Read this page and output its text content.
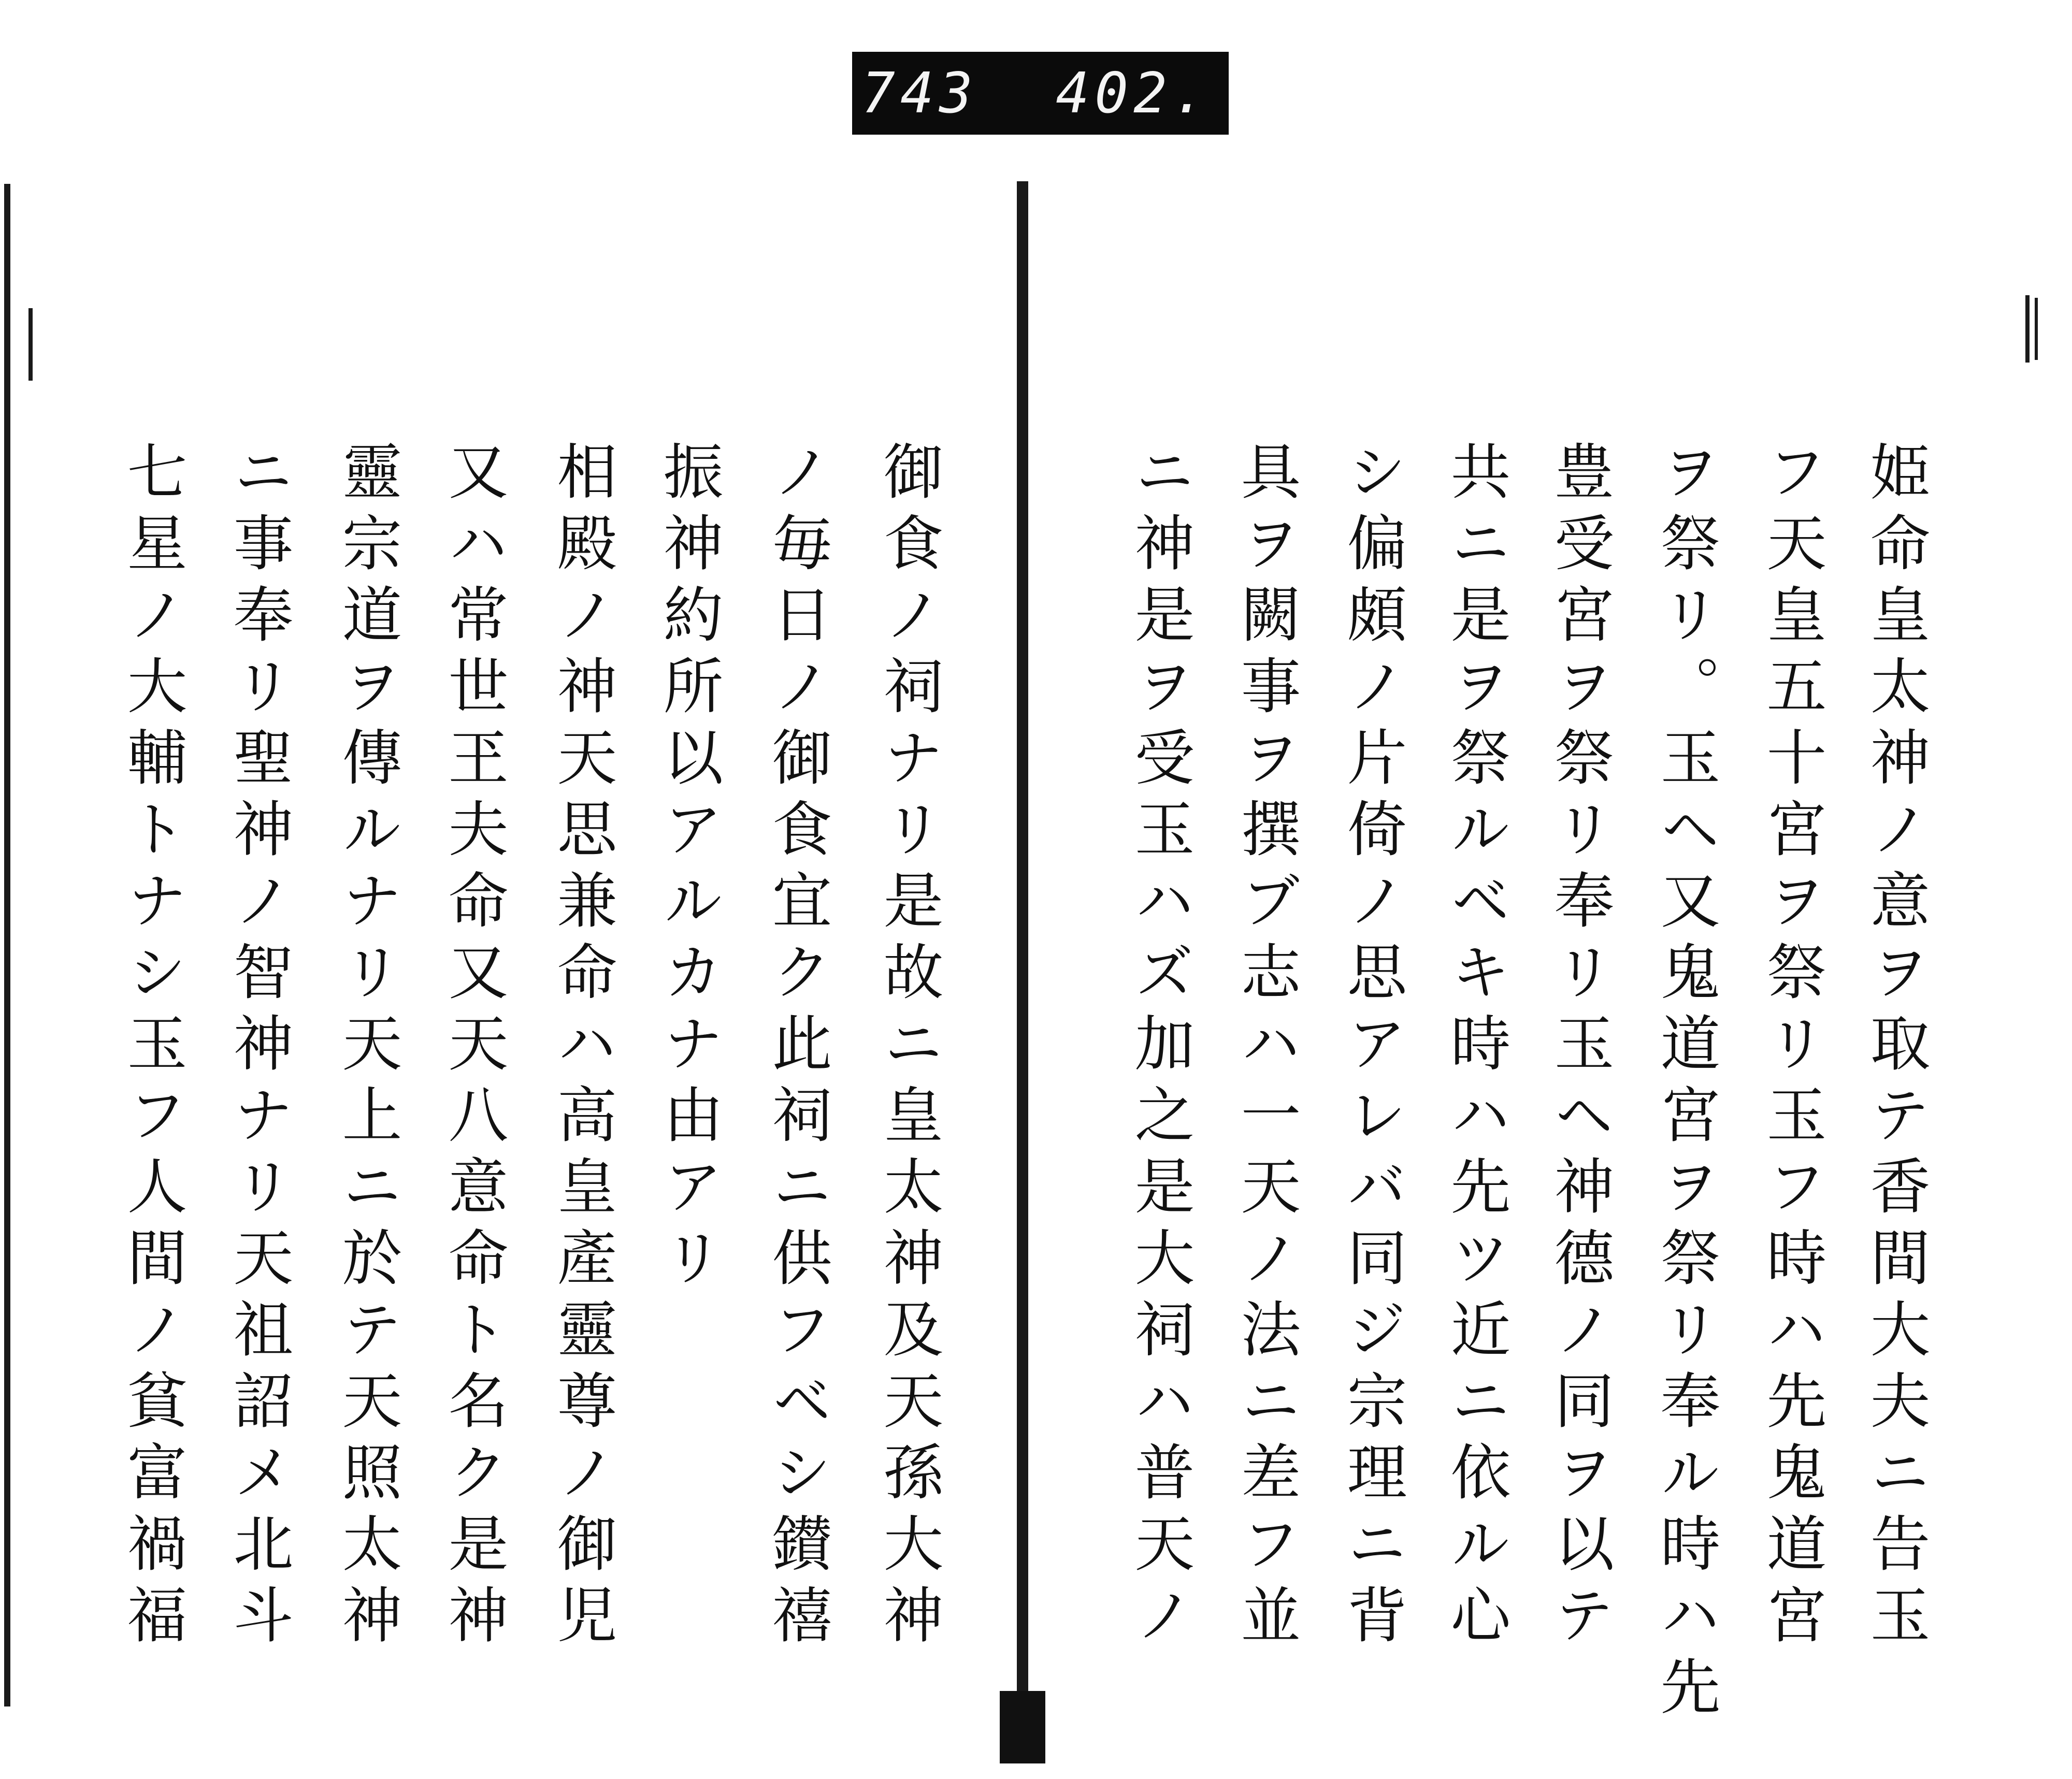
743  402.
姫命皇太神ノ意ヲ取テ香間大夫ニ告玉
フ天皇五十宮ヲ祭リ玉フ時ハ先鬼道宮
ヲ祭リ。玉ヘ又鬼道宮ヲ祭リ奉ル時ハ先
豊受宮ヲ祭リ奉リ玉ヘ神德ノ同ヲ以テ
共ニ是ヲ祭ルベキ時ハ先ツ近ニ依ル心
シ偏頗ノ片倚ノ思アレバ同ジ宗理ニ背
具ヲ闕事ヲ撰ブ志ハ一天ノ法ニ差フ並
ニ神是ヲ受玉ハズ加之是大祠ハ普天ノ
御食ノ祠ナリ是故ニ皇太神及天孫大神
ノ毎日ノ御食宜ク此祠ニ供フベシ鑚禧
振神約所以アルカナ由アリ
相殿ノ神天思兼命ハ高皇產靈尊ノ御児
又ハ常世玊夫命又天八意命ト名ク是神
靈宗道ヲ傳ルナリ天上ニ於テ天照太神
ニ事奉リ聖神ノ智神ナリ天祖詔メ北斗
七星ノ大輔トナシ玉フ人間ノ貧富禍福
